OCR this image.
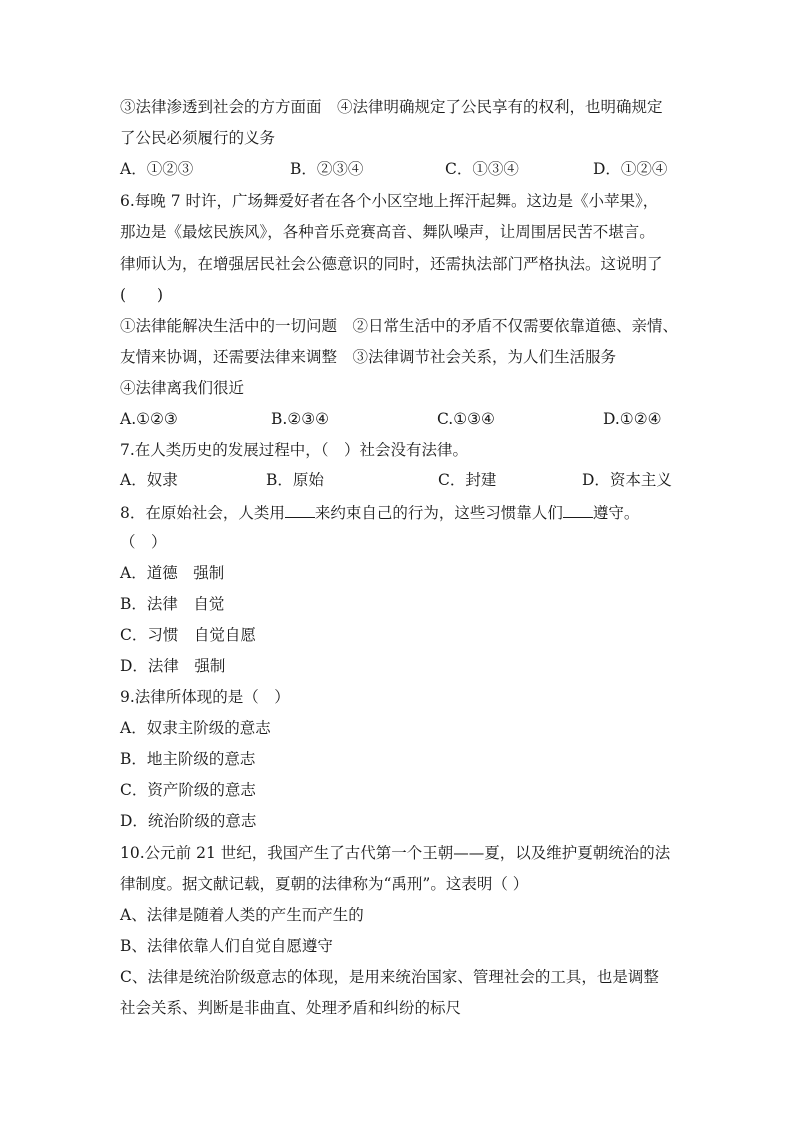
③法律渗透到社会的方方面面　④法律明确规定了公民享有的权利，也明确规定
了公民必须履行的义务
A．①②③	B．②③④	C．①③④	D．①②④
6.每晚 7 时许，广场舞爱好者在各个小区空地上挥汗起舞。这边是《小苹果》，
那边是《最炫民族风》，各种音乐竞赛高音、舞队噪声，让周围居民苦不堪言。
律师认为，在增强居民社会公德意识的同时，还需执法部门严格执法。这说明了
(　　)
①法律能解决生活中的一切问题　②日常生活中的矛盾不仅需要依靠道德、亲情、
友情来协调，还需要法律来调整　③法律调节社会关系，为人们生活服务
④法律离我们很近
A.①②③	B.②③④	C.①③④	D.①②④
7.在人类历史的发展过程中，（　）社会没有法律。
A．奴隶	B．原始	C．封建	D．资本主义
8．在原始社会，人类用 来约束自己的行为，这些习惯靠人们 遵守。
（　）
A．道德　强制
B．法律　自觉
C．习惯　自觉自愿
D．法律　强制
9.法律所体现的是（　）
A．奴隶主阶级的意志
B．地主阶级的意志
C．资产阶级的意志
D．统治阶级的意志
10.公元前 21 世纪，我国产生了古代第一个王朝——夏，以及维护夏朝统治的法
律制度。据文献记载，夏朝的法律称为“禹刑”。这表明（ ）
A、法律是随着人类的产生而产生的
B、法律依靠人们自觉自愿遵守
C、法律是统治阶级意志的体现，是用来统治国家、管理社会的工具，也是调整
社会关系、判断是非曲直、处理矛盾和纠纷的标尺
